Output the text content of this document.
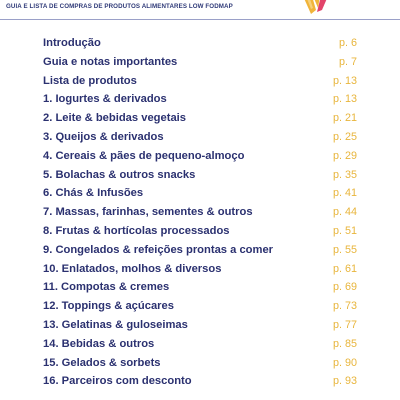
GUIA E LISTA DE COMPRAS DE PRODUTOS ALIMENTARES LOW FODMAP
Introdução	p. 6
Guia e notas importantes	p. 7
Lista de produtos	p. 13
1. Iogurtes & derivados	p. 13
2. Leite & bebidas vegetais	p. 21
3. Queijos & derivados	p. 25
4. Cereais & pães de pequeno-almoço	p. 29
5. Bolachas & outros snacks	p. 35
6. Chás & Infusões	p. 41
7. Massas, farinhas, sementes & outros	p. 44
8. Frutas & hortícolas processados	p. 51
9. Congelados & refeições prontas a comer	p. 55
10. Enlatados, molhos & diversos	p. 61
11. Compotas & cremes	p. 69
12. Toppings & açúcares	p. 73
13. Gelatinas & guloseimas	p. 77
14. Bebidas & outros	p. 85
15. Gelados & sorbets	p. 90
16. Parceiros com desconto	p. 93
